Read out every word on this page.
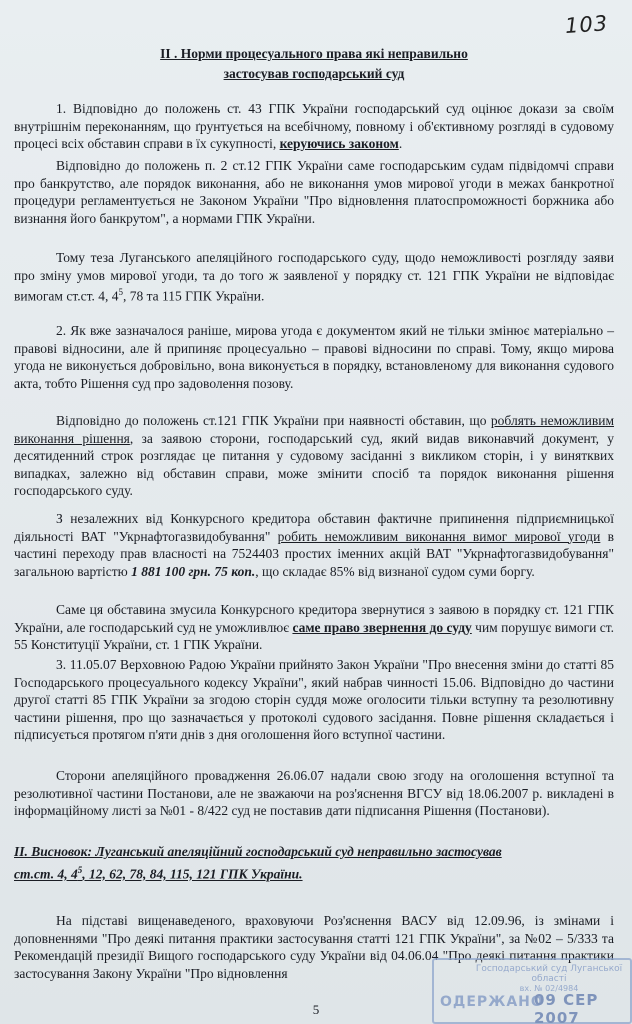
103
ІІ . Норми процесуального права які неправильно
застосував господарський суд
1. Відповідно до положень ст. 43 ГПК України господарський суд оцінює докази за своїм внутрішнім переконанням, що ґрунтується на всебічному, повному і об'єктивному розгляді в судовому процесі всіх обставин справи в їх сукупності, керуючись законом.
Відповідно до положень п. 2 ст.12 ГПК України саме господарським судам підвідомчі справи про банкрутство, але порядок виконання, або не виконання умов мирової угоди в межах банкротної процедури регламентується не Законом України "Про відновлення платоспроможності боржника або визнання його банкрутом", а нормами ГПК України.
Тому теза Луганського апеляційного господарського суду, щодо неможливості розгляду заяви про зміну умов мирової угоди, та до того ж заявленої у порядку ст. 121 ГПК України не відповідає вимогам ст.ст. 4, $4^5$, 78 та 115 ГПК України.
2. Як вже зазначалося раніше, мирова угода є документом який не тільки змінює матеріально – правові відносини, але й припиняє процесуально – правові відносини по справі. Тому, якщо мирова угода не виконується добровільно, вона виконується в порядку, встановленому для виконання судового акта, тобто Рішення суд про задоволення позову.
Відповідно до положень ст.121 ГПК України при наявності обставин, що роблять неможливим виконання рішення, за заявою сторони, господарський суд, який видав виконавчий документ, у десятиденний строк розглядає це питання у судовому засіданні з викликом сторін, і у винятквих випадках, залежно від обставин справи, може змінити спосіб та порядок виконання рішення господарського суду.
З незалежних від Конкурсного кредитора обставин фактичне припинення підприємницької діяльності ВАТ "Укрнафтогазвидобування" робить неможливим виконання вимог мирової угоди в частині переходу прав власності на 7524403 простих іменних акцій ВАТ "Укрнафтогазвидобування" загальною вартістю 1 881 100 грн. 75 коп., що складає 85% від визнаної судом суми боргу.
Саме ця обставина змусила Конкурсного кредитора звернутися з заявою в порядку ст. 121 ГПК України, але господарський суд не уможливлює саме право звернення до суду чим порушує вимоги ст. 55 Конституції України, ст. 1 ГПК України.
3. 11.05.07 Верховною Радою України прийнято Закон України "Про внесення зміни до статті 85 Господарського процесуального кодексу України", який набрав чинності 15.06. Відповідно до частини другої статті 85 ГПК України за згодою сторін суддя може оголосити тільки вступну та резолютивну частини рішення, про що зазначається у протоколі судового засідання. Повне рішення складається і підписується протягом п'яти днів з дня оголошення його вступної частини.
Сторони апеляційного провадження 26.06.07 надали свою згоду на оголошення вступної та резолютивної частини Постанови, але не зважаючи на роз'яснення ВГСУ від 18.06.2007 р. викладені в інформаційному листі за №01 - 8/422 суд не поставив дати підписання Рішення (Постанови).
ІІ. Висновок: Луганський апеляційний господарський суд неправильно застосував
ст.ст. 4, $4^5$, 12, 62, 78, 84, 115, 121 ГПК України.
На підставі вищенаведеного, враховуючи Роз'яснення ВАСУ від 12.09.96, із змінами і доповненнями "Про деякі питання практики застосування статті 121 ГПК України", за №02 – 5/333 та Рекомендацій президії Вищого господарського суду України від 04.06.04 "Про деякі питання практики застосування Закону України "Про відновлення
5
Господарський суд Луганської області
вх. № 02/4984
ОДЕРЖАНО
09 СЕР 2007
